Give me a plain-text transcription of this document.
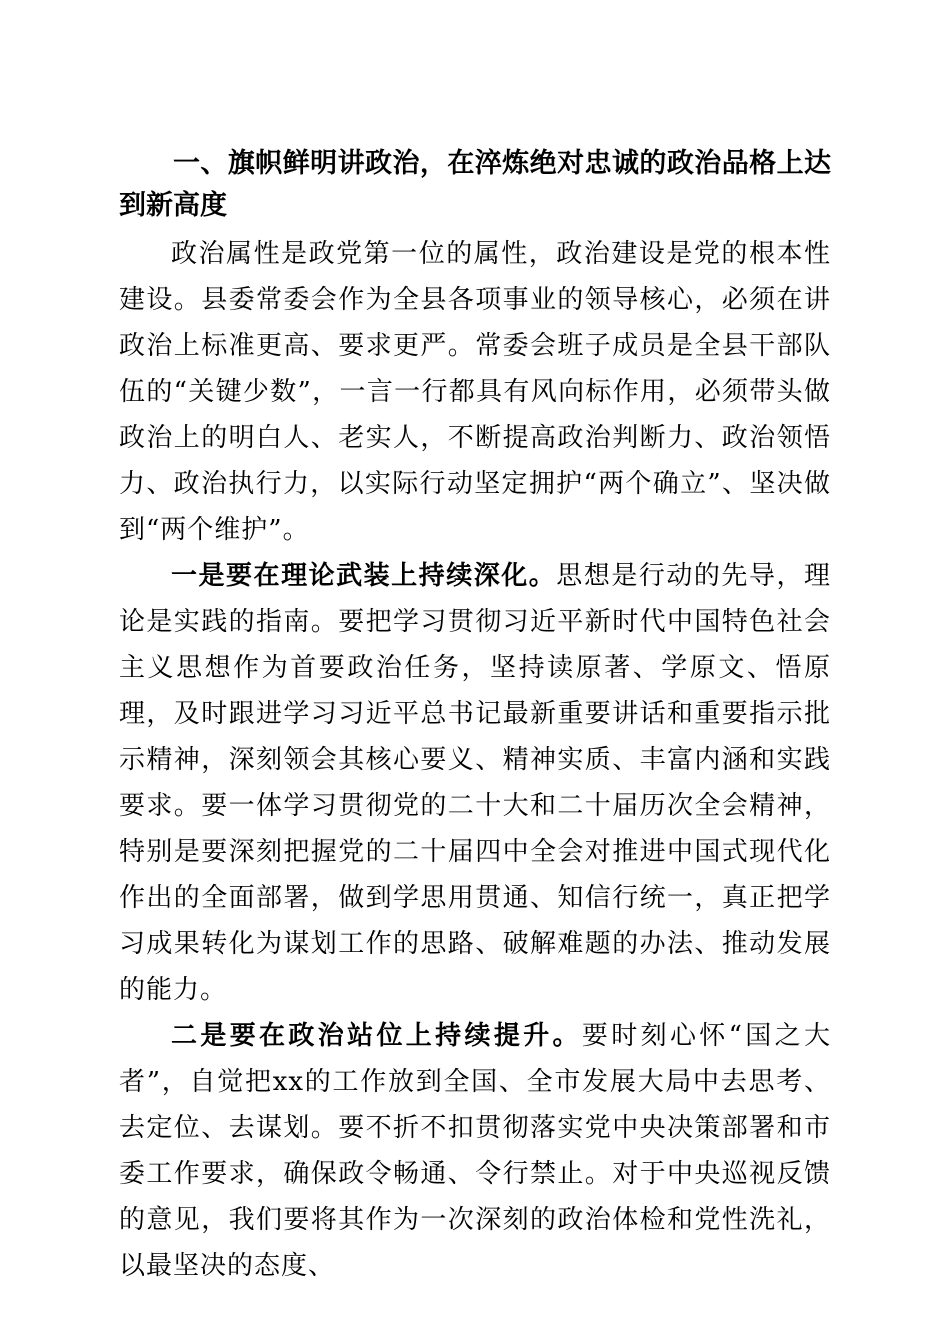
一、旗帜鲜明讲政治，在淬炼绝对忠诚的政治品格上达到新高度

政治属性是政党第一位的属性，政治建设是党的根本性建设。县委常委会作为全县各项事业的领导核心，必须在讲政治上标准更高、要求更严。常委会班子成员是全县干部队伍的“关键少数”，一言一行都具有风向标作用，必须带头做政治上的明白人、老实人，不断提高政治判断力、政治领悟力、政治执行力，以实际行动坚定拥护“两个确立”、坚决做到“两个维护”。

一是要在理论武装上持续深化。思想是行动的先导，理论是实践的指南。要把学习贯彻习近平新时代中国特色社会主义思想作为首要政治任务，坚持读原著、学原文、悟原理，及时跟进学习习近平总书记最新重要讲话和重要指示批示精神，深刻领会其核心要义、精神实质、丰富内涵和实践要求。要一体学习贯彻党的二十大和二十届历次全会精神，特别是要深刻把握党的二十届四中全会对推进中国式现代化作出的全面部署，做到学思用贯通、知信行统一，真正把学习成果转化为谋划工作的思路、破解难题的办法、推动发展的能力。

二是要在政治站位上持续提升。要时刻心怀“国之大者”，自觉把xx的工作放到全国、全市发展大局中去思考、去定位、去谋划。要不折不扣贯彻落实党中央决策部署和市委工作要求，确保政令畅通、令行禁止。对于中央巡视反馈的意见，我们要将其作为一次深刻的政治体检和党性洗礼，以最坚决的态度、
